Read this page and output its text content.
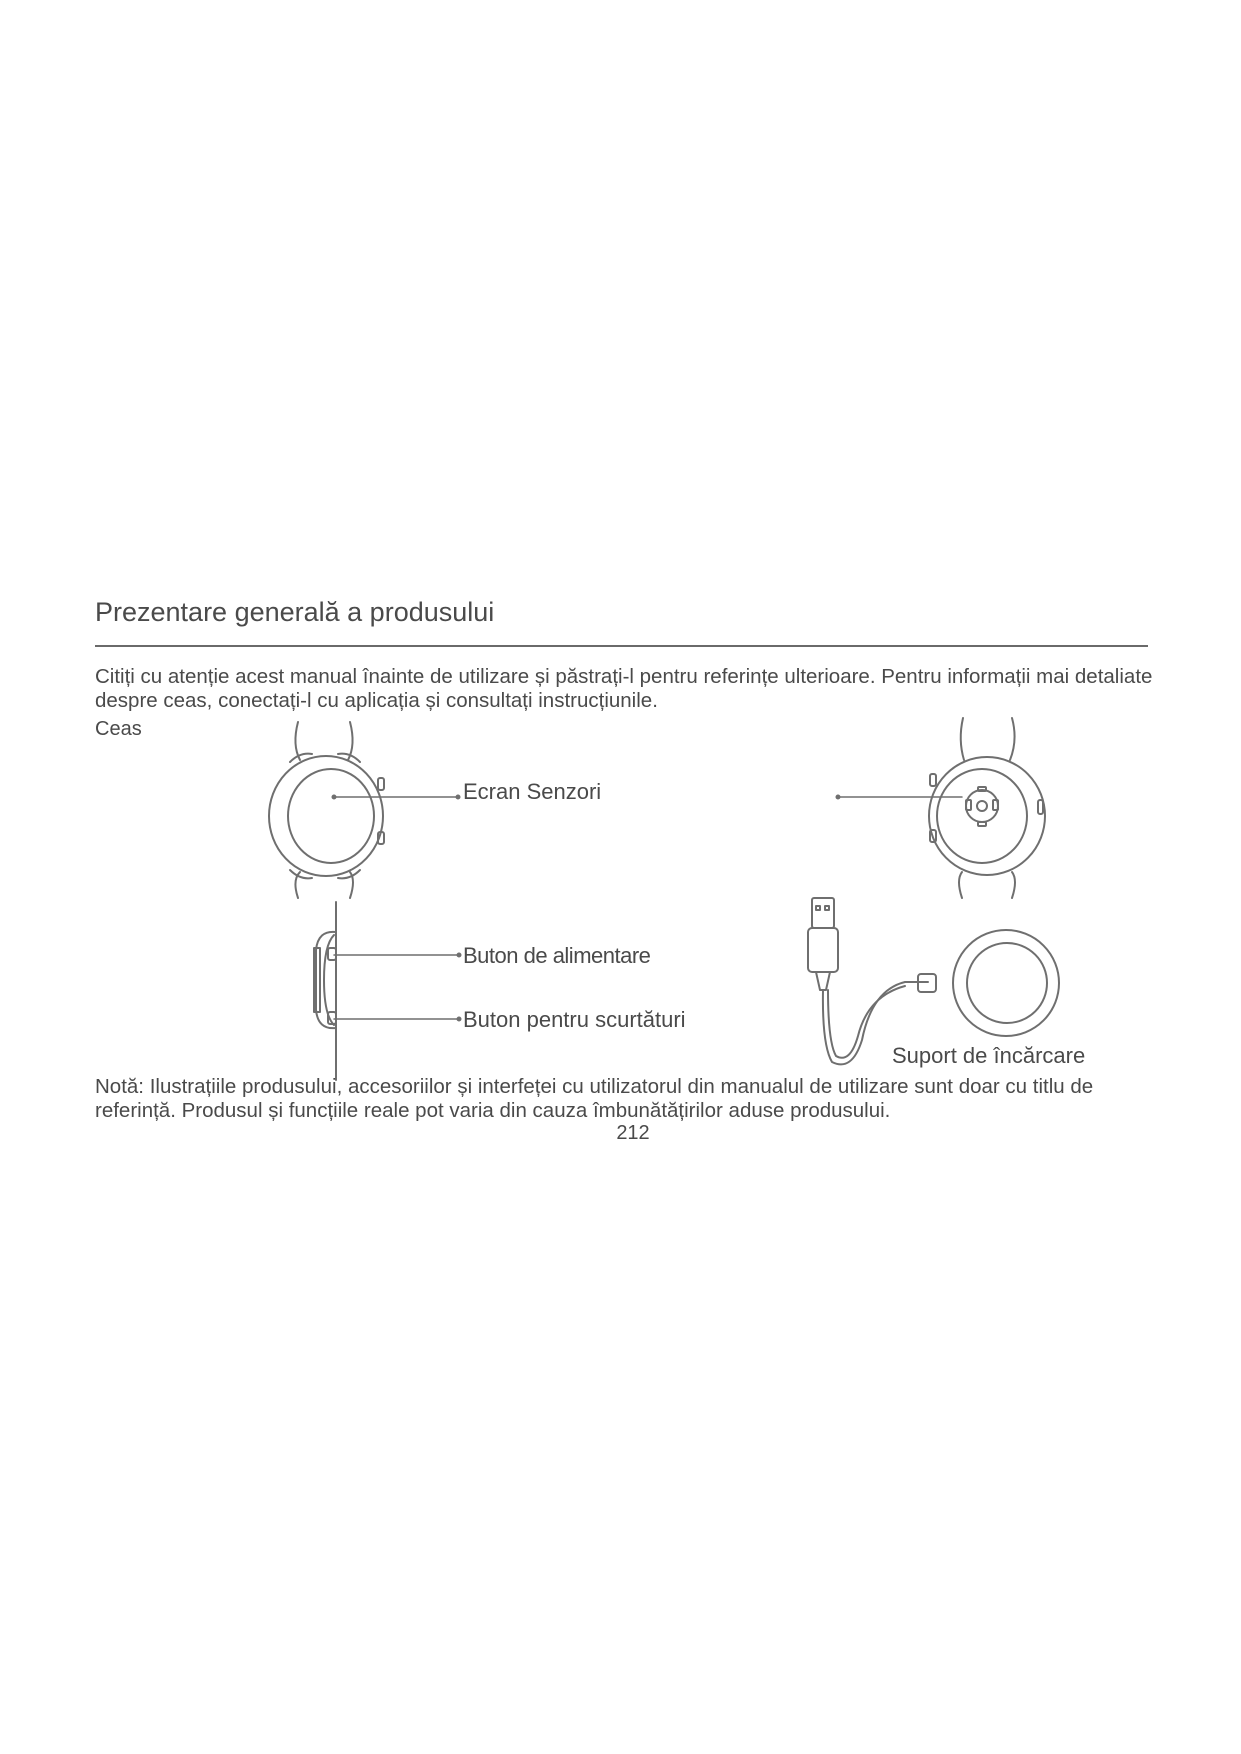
Prezentare generală a produsului

Citiți cu atenție acest manual înainte de utilizare și păstrați-l pentru referințe ulterioare. Pentru informații mai detaliate despre ceas, conectați-l cu aplicația și consultați instrucțiunile.

Ceas
Ecran Senzori
Buton de alimentare
Buton pentru scurtături
Suport de încărcare

Notă: Ilustrațiile produsului, accesoriilor și interfeței cu utilizatorul din manualul de utilizare sunt doar cu titlu de referință. Produsul și funcțiile reale pot varia din cauza îmbunătățirilor aduse produsului.

212
